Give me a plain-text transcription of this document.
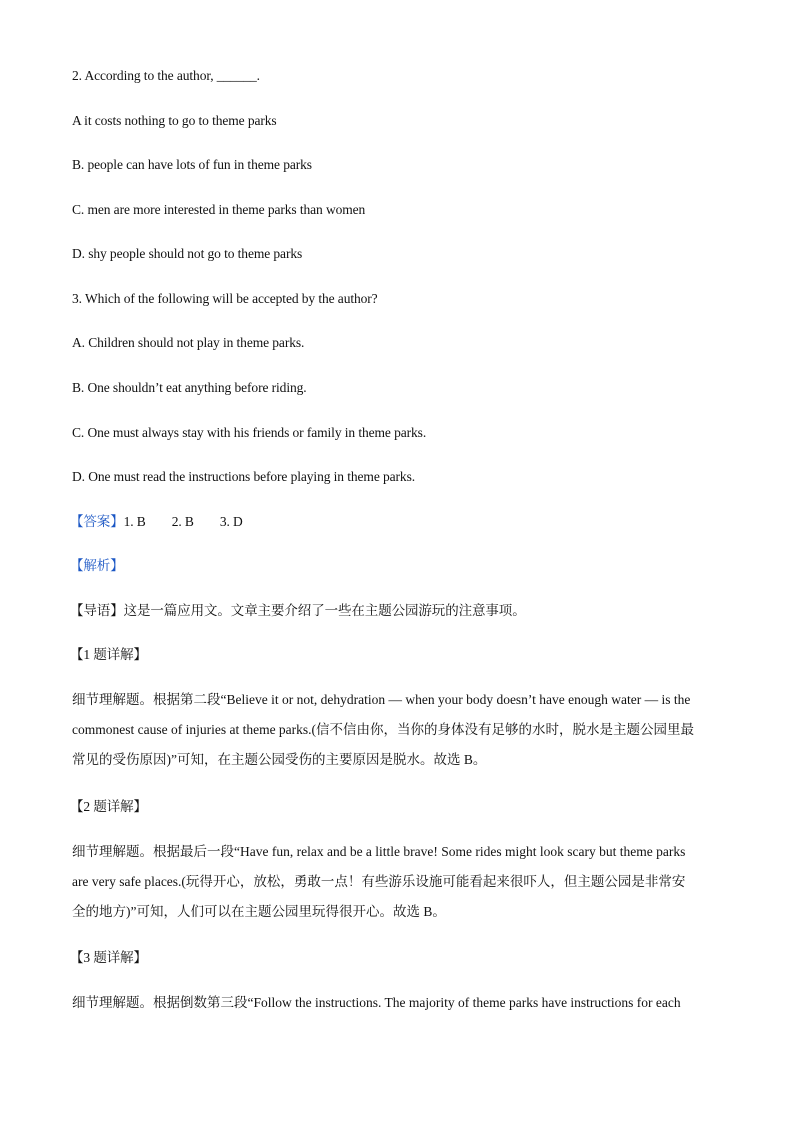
2. According to the author, ______.
A it costs nothing to go to theme parks
B. people can have lots of fun in theme parks
C. men are more interested in theme parks than women
D. shy people should not go to theme parks
3. Which of the following will be accepted by the author?
A. Children should not play in theme parks.
B. One shouldn’t eat anything before riding.
C. One must always stay with his friends or family in theme parks.
D. One must read the instructions before playing in theme parks.
【答案】1. B 2. B 3. D
【解析】
【导语】这是一篇应用文。文章主要介绍了一些在主题公园游玩的注意事项。
【1 题详解】
细节理解题。根据第二段“Believe it or not, dehydration — when your body doesn’t have enough water — is the
commonest cause of injuries at theme parks.(信不信由你，当你的身体没有足够的水时，脱水是主题公园里最
常见的受伤原因)”可知，在主题公园受伤的主要原因是脱水。故选 B。
【2 题详解】
细节理解题。根据最后一段“Have fun, relax and be a little brave! Some rides might look scary but theme parks
are very safe places.(玩得开心，放松，勇敢一点！有些游乐设施可能看起来很吓人，但主题公园是非常安
全的地方)”可知，人们可以在主题公园里玩得很开心。故选 B。
【3 题详解】
细节理解题。根据倒数第三段“Follow the instructions. The majority of theme parks have instructions for each
